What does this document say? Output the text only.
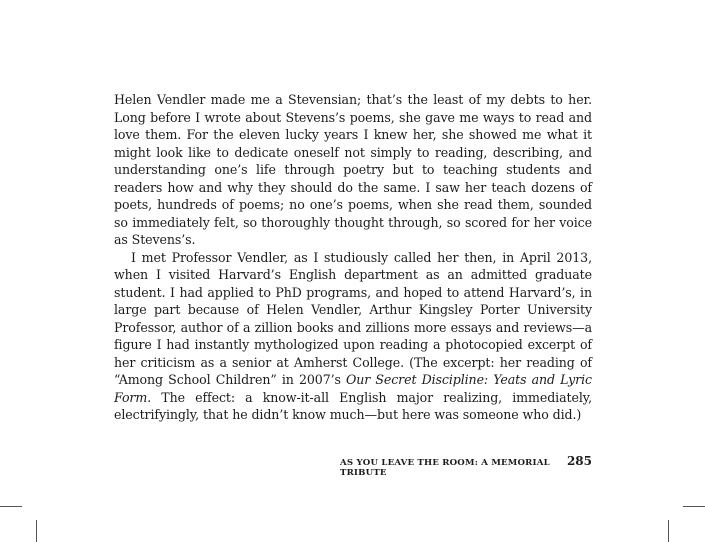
Helen Vendler made me a Stevensian; that’s the least of my debts to her. Long before I wrote about Stevens’s poems, she gave me ways to read and love them. For the eleven lucky years I knew her, she showed me what it might look like to dedicate oneself not simply to reading, describing, and understanding one’s life through poetry but to teaching students and readers how and why they should do the same. I saw her teach dozens of poets, hundreds of poems; no one’s poems, when she read them, sounded so immediately felt, so thoroughly thought through, so scored for her voice as Stevens’s.

I met Professor Vendler, as I studiously called her then, in April 2013, when I visited Harvard’s English department as an admitted graduate student. I had applied to PhD programs, and hoped to attend Harvard’s, in large part because of Helen Vendler, Arthur Kingsley Porter University Professor, author of a zillion books and zillions more essays and reviews—a figure I had instantly mythologized upon reading a photocopied excerpt of her criticism as a senior at Amherst College. (The excerpt: her reading of “Among School Children” in 2007’s Our Secret Discipline: Yeats and Lyric Form. The effect: a know-it-all English major realizing, immediately, electrifyingly, that he didn’t know much—but here was someone who did.)

AS YOU LEAVE THE ROOM: A MEMORIAL TRIBUTE
285
